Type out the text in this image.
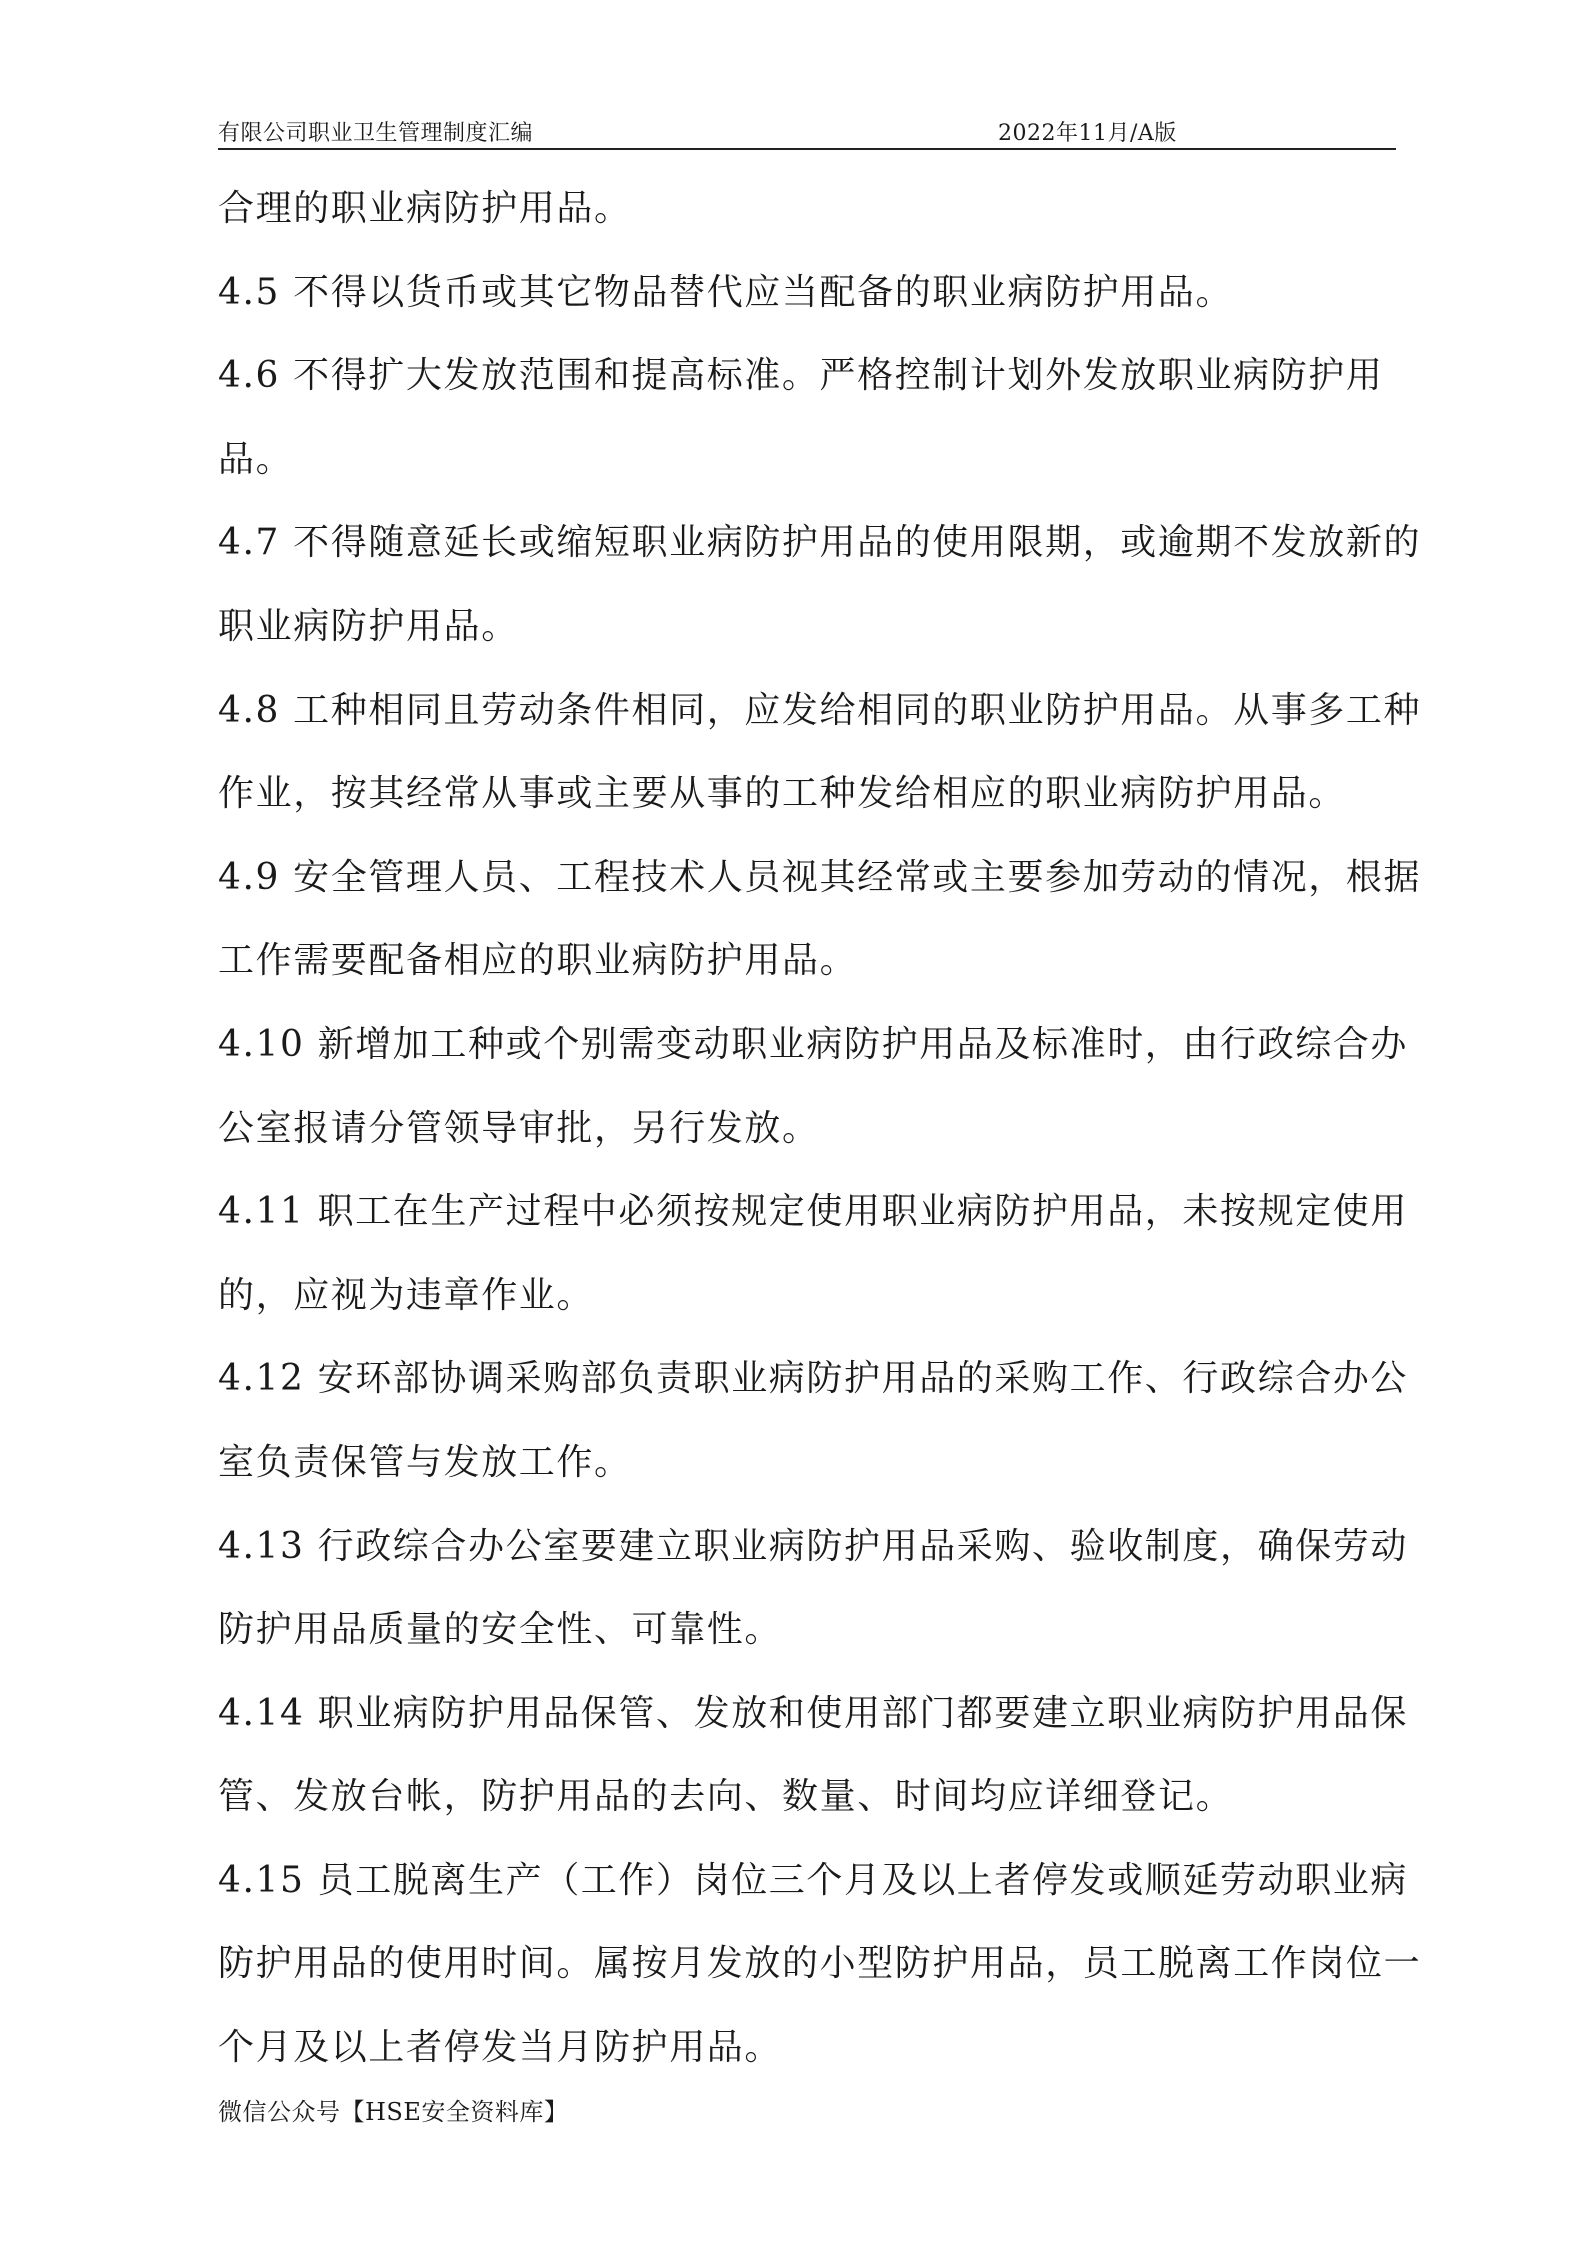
有限公司职业卫生管理制度汇编	2022年11月/A版
合理的职业病防护用品。
4.5 不得以货币或其它物品替代应当配备的职业病防护用品。
4.6 不得扩大发放范围和提高标准。严格控制计划外发放职业病防护用
品。
4.7 不得随意延长或缩短职业病防护用品的使用限期，或逾期不发放新的
职业病防护用品。
4.8 工种相同且劳动条件相同，应发给相同的职业防护用品。从事多工种
作业，按其经常从事或主要从事的工种发给相应的职业病防护用品。
4.9 安全管理人员、工程技术人员视其经常或主要参加劳动的情况，根据
工作需要配备相应的职业病防护用品。
4.10 新增加工种或个别需变动职业病防护用品及标准时，由行政综合办
公室报请分管领导审批，另行发放。
4.11 职工在生产过程中必须按规定使用职业病防护用品，未按规定使用
的，应视为违章作业。
4.12 安环部协调采购部负责职业病防护用品的采购工作、行政综合办公
室负责保管与发放工作。
4.13 行政综合办公室要建立职业病防护用品采购、验收制度，确保劳动
防护用品质量的安全性、可靠性。
4.14 职业病防护用品保管、发放和使用部门都要建立职业病防护用品保
管、发放台帐，防护用品的去向、数量、时间均应详细登记。
4.15 员工脱离生产（工作）岗位三个月及以上者停发或顺延劳动职业病
防护用品的使用时间。属按月发放的小型防护用品，员工脱离工作岗位一
个月及以上者停发当月防护用品。
微信公众号【HSE安全资料库】
